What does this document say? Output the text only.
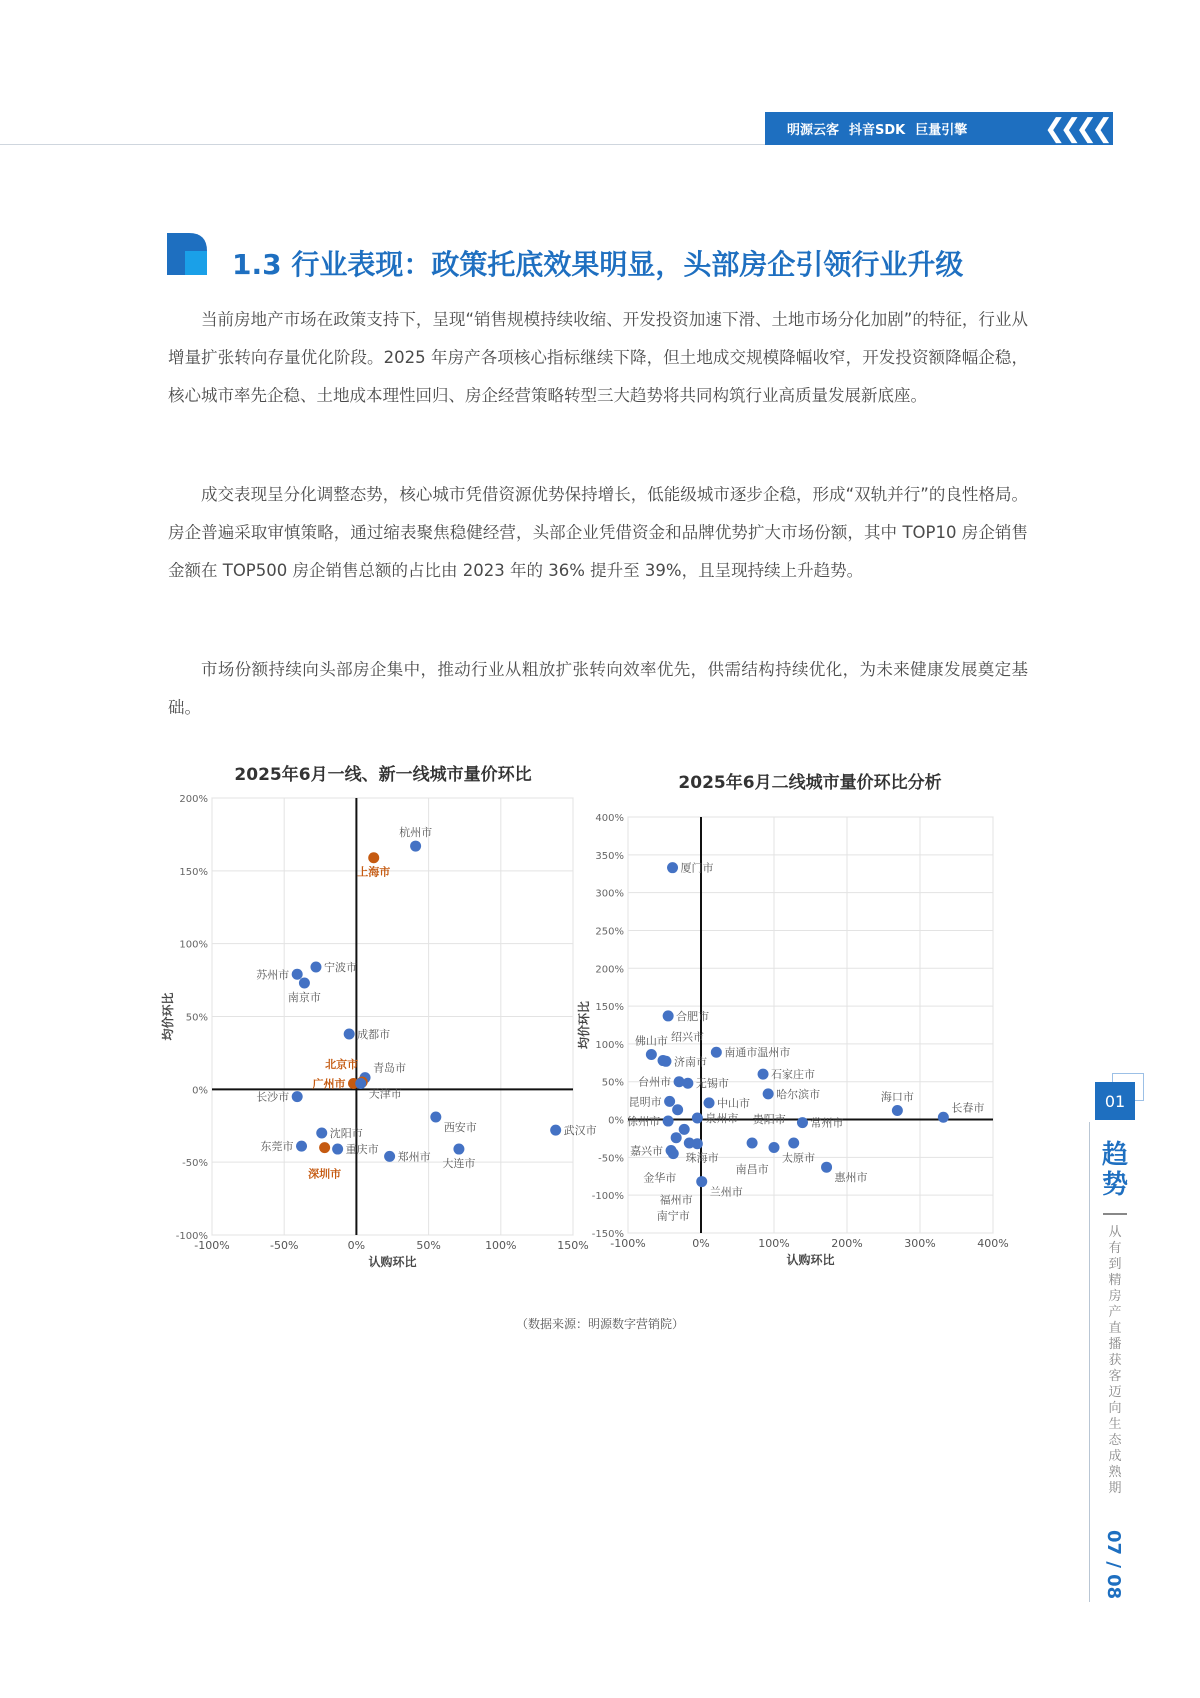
明源云客 抖音SDK 巨量引擎	❮❮❮❮
1.3 行业表现：政策托底效果明显，头部房企引领行业升级
当前房地产市场在政策支持下，呈现“销售规模持续收缩、开发投资加速下滑、土地市场分化加剧”的特征，行业从增量扩张转向存量优化阶段。2025 年房产各项核心指标继续下降，但土地成交规模降幅收窄，开发投资额降幅企稳，核心城市率先企稳、土地成本理性回归、房企经营策略转型三大趋势将共同构筑行业高质量发展新底座。
成交表现呈分化调整态势，核心城市凭借资源优势保持增长，低能级城市逐步企稳，形成“双轨并行”的良性格局。房企普遍采取审慎策略，通过缩表聚焦稳健经营，头部企业凭借资金和品牌优势扩大市场份额，其中 TOP10 房企销售金额在 TOP500 房企销售总额的占比由 2023 年的 36% 提升至 39%，且呈现持续上升趋势。
市场份额持续向头部房企集中，推动行业从粗放扩张转向效率优先，供需结构持续优化，为未来健康发展奠定基础。
2025年6月一线、新一线城市量价环比
-100%	-50%	0%	50%	100%	150%
-100%
-50%
0%
50%
100%
150%
200%
认购环比
均价环比
杭州市
上海市
宁波市
苏州市
南京市
成都市
青岛市
北京市
广州市
天津市
长沙市
西安市	武汉市
沈阳市
东莞市
深圳市
重庆市
郑州市
大连市
2025年6月二线城市量价环比分析
-100%	0%	100%	200%	300%	400%
-150%
-100%
-50%
0%
50%
100%
150%
200%
250%
300%
350%
400%
认购环比
均价环比
厦门市
合肥市
佛山市 绍兴市
济南市
南通市温州市
无锡市
台州市
石家庄市
哈尔滨市
昆明市	中山市
珠海市
泉州市
徐州市	常州市
海口市
长春市
金华市
福州市
南昌市
太原市
贵阳市
惠州市
嘉兴市
南宁市
兰州市
（数据来源：明源数字营销院）
01
趋势
从有到精 房产直播获客迈向生态成熟期
07 / 08
